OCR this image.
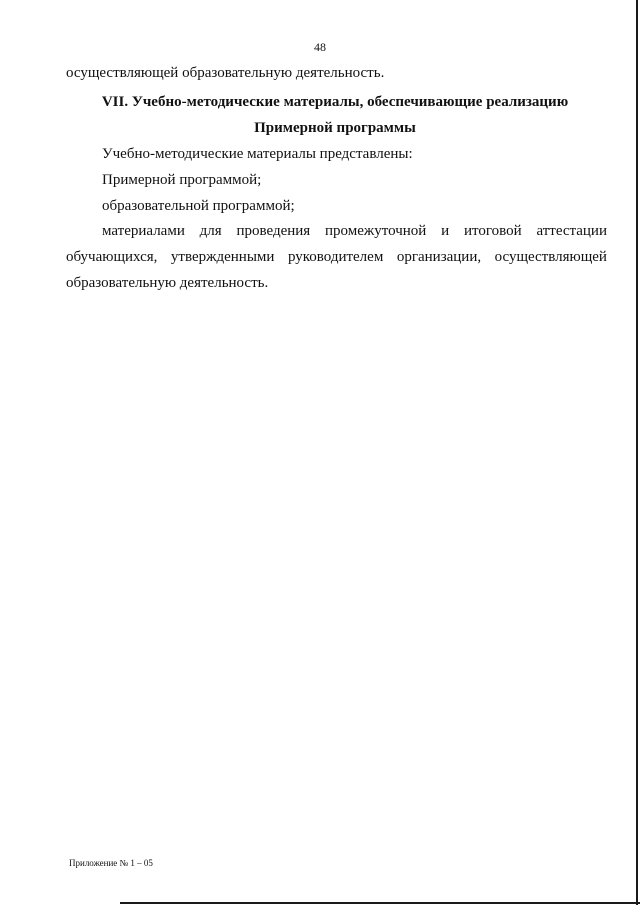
48
осуществляющей образовательную деятельность.
VII. Учебно-методические материалы, обеспечивающие реализацию
Примерной программы
Учебно-методические материалы представлены:
Примерной программой;
образовательной программой;
материалами для проведения промежуточной и итоговой аттестации
обучающихся, утвержденными руководителем организации, осуществляющей
образовательную деятельность.
Приложение № 1 – 05
